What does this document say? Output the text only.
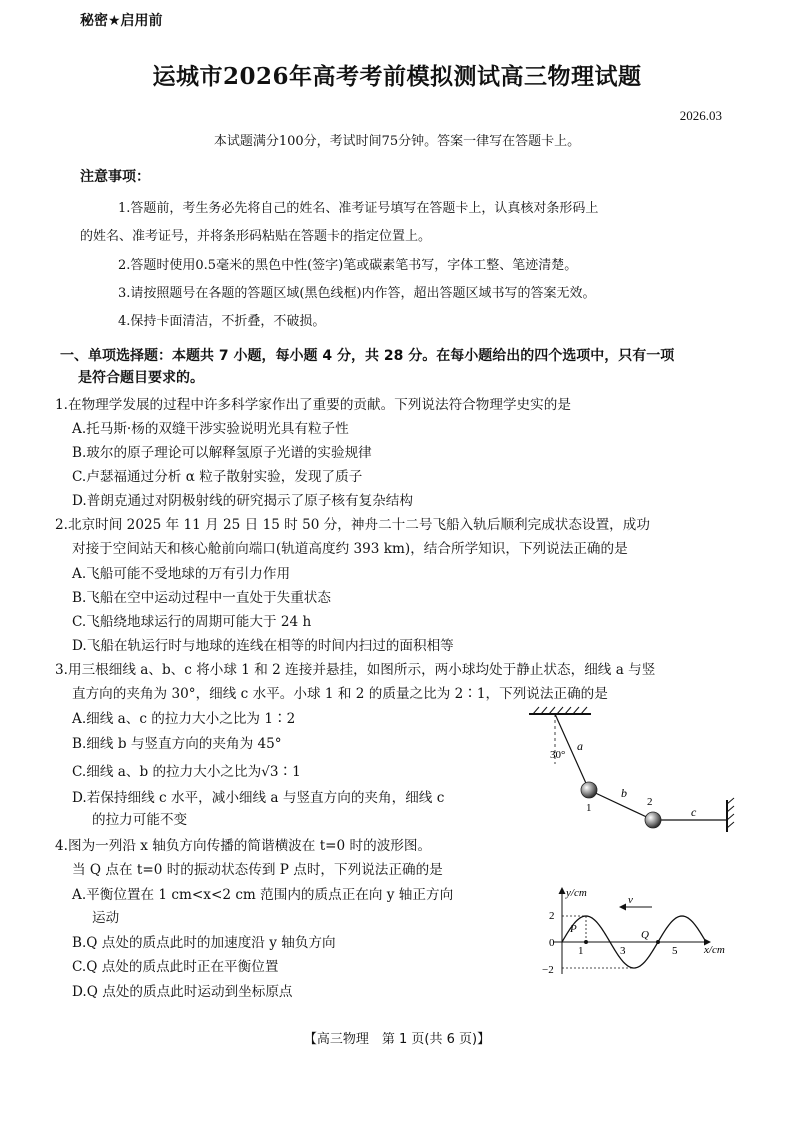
秘密★启用前
运城市2026年高考考前模拟测试高三物理试题
2026.03
本试题满分100分，考试时间75分钟。答案一律写在答题卡上。
注意事项：
1.答题前，考生务必先将自己的姓名、准考证号填写在答题卡上，认真核对条形码上
的姓名、准考证号，并将条形码粘贴在答题卡的指定位置上。
2.答题时使用0.5毫米的黑色中性(签字)笔或碳素笔书写，字体工整、笔迹清楚。
3.请按照题号在各题的答题区域(黑色线框)内作答，超出答题区域书写的答案无效。
4.保持卡面清洁，不折叠，不破损。
一、单项选择题：本题共 7 小题，每小题 4 分，共 28 分。在每小题给出的四个选项中，只有一项
是符合题目要求的。
1.在物理学发展的过程中许多科学家作出了重要的贡献。下列说法符合物理学史实的是
A.托马斯·杨的双缝干涉实验说明光具有粒子性
B.玻尔的原子理论可以解释氢原子光谱的实验规律
C.卢瑟福通过分析 α 粒子散射实验，发现了质子
D.普朗克通过对阴极射线的研究揭示了原子核有复杂结构
2.北京时间 2025 年 11 月 25 日 15 时 50 分，神舟二十二号飞船入轨后顺利完成状态设置，成功
对接于空间站天和核心舱前向端口(轨道高度约 393 km)，结合所学知识，下列说法正确的是
A.飞船可能不受地球的万有引力作用
B.飞船在空中运动过程中一直处于失重状态
C.飞船绕地球运行的周期可能大于 24 h
D.飞船在轨运行时与地球的连线在相等的时间内扫过的面积相等
3.用三根细线 a、b、c 将小球 1 和 2 连接并悬挂，如图所示，两小球均处于静止状态，细线 a 与竖
直方向的夹角为 30°，细线 c 水平。小球 1 和 2 的质量之比为 2∶1，下列说法正确的是
A.细线 a、c 的拉力大小之比为 1∶2
B.细线 b 与竖直方向的夹角为 45°
C.细线 a、b 的拉力大小之比为√3∶1
D.若保持细线 c 水平，减小细线 a 与竖直方向的夹角，细线 c
的拉力可能不变
30°
a
b
c
1	2
4.图为一列沿 x 轴负方向传播的简谐横波在 t=0 时的波形图。
当 Q 点在 t=0 时的振动状态传到 P 点时，下列说法正确的是
A.平衡位置在 1 cm<x<2 cm 范围内的质点正在向 y 轴正方向
运动
B.Q 点处的质点此时的加速度沿 y 轴负方向
C.Q 点处的质点此时正在平衡位置
D.Q 点处的质点此时运动到坐标原点
y/cm
x/cm
2
0
−2
1	3	5
P	Q
v
【高三物理　第 1 页(共 6 页)】
